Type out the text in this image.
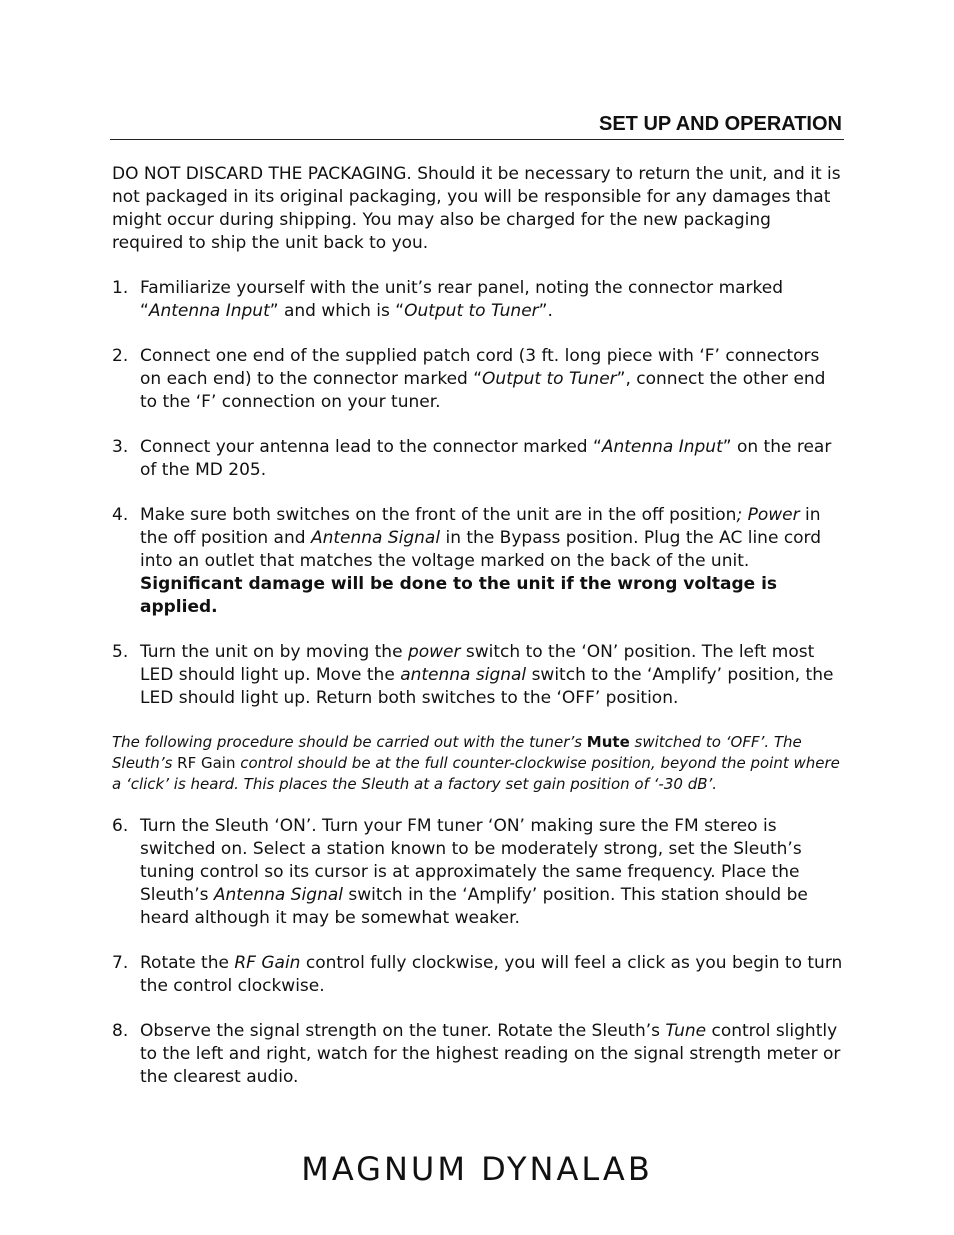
SET UP AND OPERATION

DO NOT DISCARD THE PACKAGING. Should it be necessary to return the unit, and it is not packaged in its original packaging, you will be responsible for any damages that might occur during shipping. You may also be charged for the new packaging required to ship the unit back to you.

1. Familiarize yourself with the unit’s rear panel, noting the connector marked “Antenna Input” and which is “Output to Tuner”.
2. Connect one end of the supplied patch cord (3 ft. long piece with ‘F’ connectors on each end) to the connector marked “Output to Tuner”, connect the other end to the ‘F’ connection on your tuner.
3. Connect your antenna lead to the connector marked “Antenna Input” on the rear of the MD 205.
4. Make sure both switches on the front of the unit are in the off position; Power in the off position and Antenna Signal in the Bypass position. Plug the AC line cord into an outlet that matches the voltage marked on the back of the unit. Significant damage will be done to the unit if the wrong voltage is applied.
5. Turn the unit on by moving the power switch to the ‘ON’ position. The left most LED should light up. Move the antenna signal switch to the ‘Amplify’ position, the LED should light up. Return both switches to the ‘OFF’ position.

The following procedure should be carried out with the tuner’s Mute switched to ‘OFF’. The Sleuth’s RF Gain control should be at the full counter-clockwise position, beyond the point where a ‘click’ is heard. This places the Sleuth at a factory set gain position of ‘-30 dB’.

6. Turn the Sleuth ‘ON’. Turn your FM tuner ‘ON’ making sure the FM stereo is switched on. Select a station known to be moderately strong, set the Sleuth’s tuning control so its cursor is at approximately the same frequency. Place the Sleuth’s Antenna Signal switch in the ‘Amplify’ position. This station should be heard although it may be somewhat weaker.
7. Rotate the RF Gain control fully clockwise, you will feel a click as you begin to turn the control clockwise.
8. Observe the signal strength on the tuner. Rotate the Sleuth’s Tune control slightly to the left and right, watch for the highest reading on the signal strength meter or the clearest audio.
MAGNUM DYNALAB
